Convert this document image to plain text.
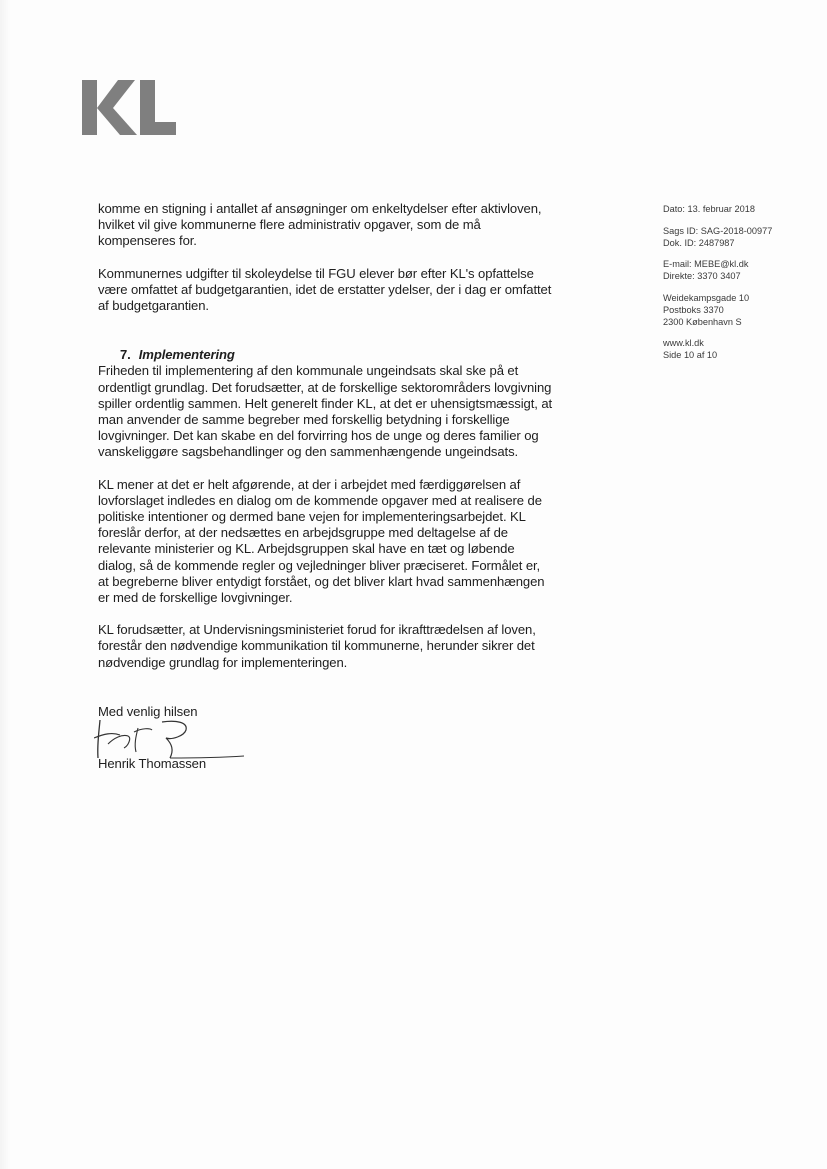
komme en stigning i antallet af ansøgninger om enkeltydelser efter aktivloven, hvilket vil give kommunerne flere administrativ opgaver, som de må kompenseres for.

Kommunernes udgifter til skoleydelse til FGU elever bør efter KL's opfattelse være omfattet af budgetgarantien, idet de erstatter ydelser, der i dag er omfattet af budgetgarantien.

7. Implementering

Friheden til implementering af den kommunale ungeindsats skal ske på et ordentligt grundlag. Det forudsætter, at de forskellige sektorområders lovgivning spiller ordentlig sammen. Helt generelt finder KL, at det er uhensigtsmæssigt, at man anvender de samme begreber med forskellig betydning i forskellige lovgivninger. Det kan skabe en del forvirring hos de unge og deres familier og vanskeliggøre sagsbehandlinger og den sammenhængende ungeindsats.

KL mener at det er helt afgørende, at der i arbejdet med færdiggørelsen af lovforslaget indledes en dialog om de kommende opgaver med at realisere de politiske intentioner og dermed bane vejen for implementeringsarbejdet. KL foreslår derfor, at der nedsættes en arbejdsgruppe med deltagelse af de relevante ministerier og KL. Arbejdsgruppen skal have en tæt og løbende dialog, så de kommende regler og vejledninger bliver præciseret. Formålet er, at begreberne bliver entydigt forstået, og det bliver klart hvad sammenhængen er med de forskellige lovgivninger.

KL forudsætter, at Undervisningsministeriet forud for ikrafttrædelsen af loven, forestår den nødvendige kommunikation til kommunerne, herunder sikrer det nødvendige grundlag for implementeringen.

Med venlig hilsen

Henrik Thomassen

Dato: 13. februar 2018
Sags ID: SAG-2018-00977
Dok. ID: 2487987
E-mail: MEBE@kl.dk
Direkte: 3370 3407
Weidekampsgade 10
Postboks 3370
2300 København S
www.kl.dk
Side 10 af 10
